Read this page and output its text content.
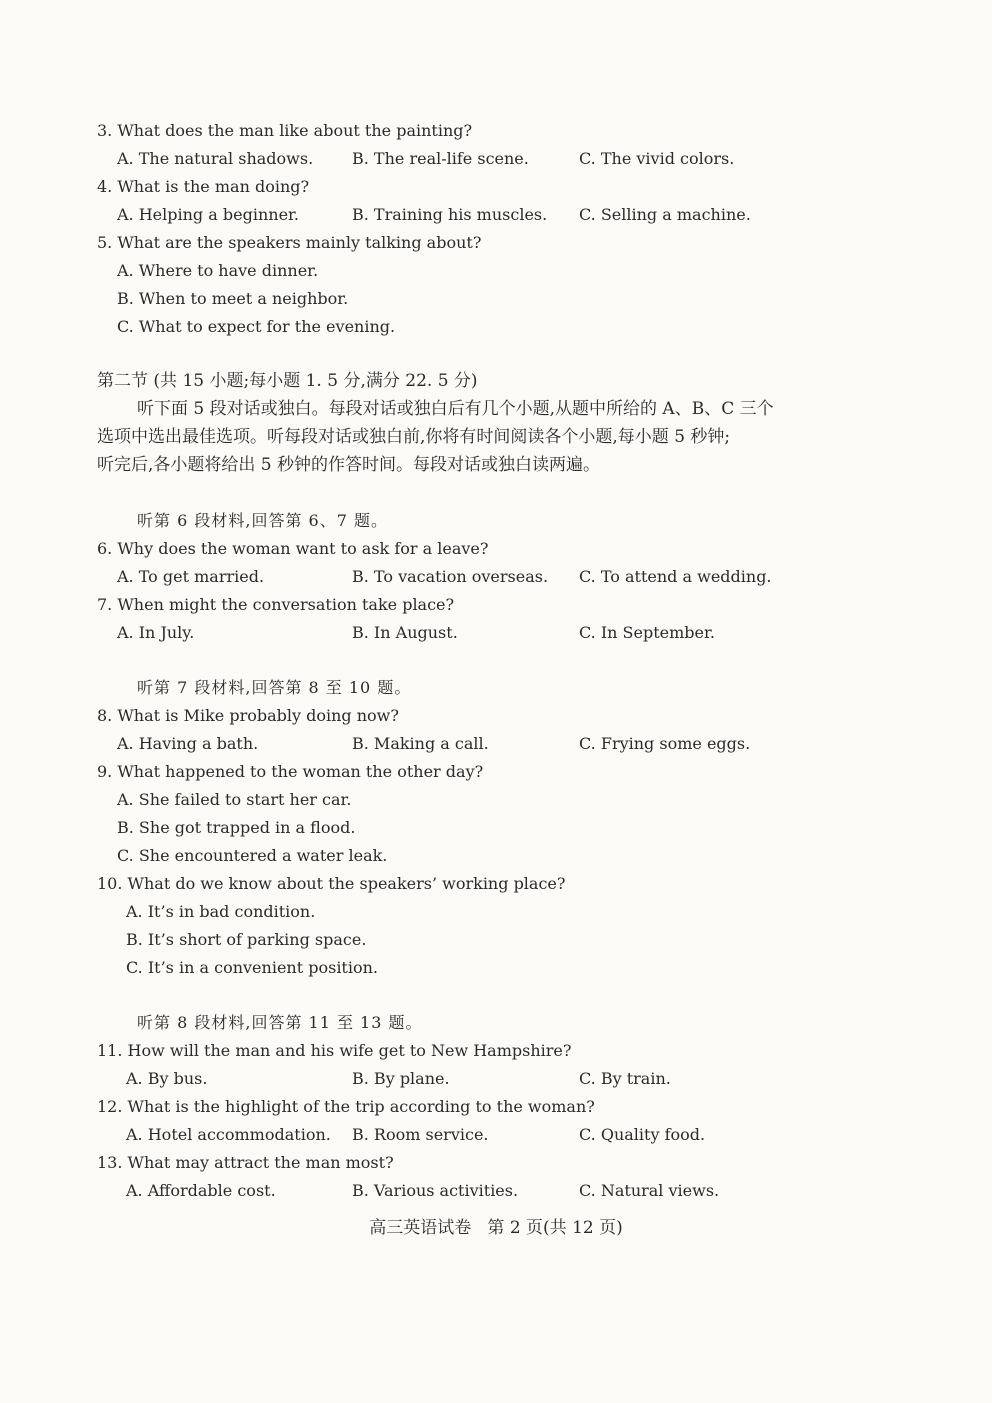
3. What does the man like about the painting?
A. The natural shadows. B. The real-life scene.	C. The vivid colors.
4. What is the man doing?
A. Helping a beginner.	B. Training his muscles. C. Selling a machine.
5. What are the speakers mainly talking about?
A. Where to have dinner.
B. When to meet a neighbor.
C. What to expect for the evening.
第二节 (共 15 小题;每小题 1. 5 分,满分 22. 5 分)
听下面 5 段对话或独白。每段对话或独白后有几个小题,从题中所给的 A、B、C 三个
选项中选出最佳选项。听每段对话或独白前,你将有时间阅读各个小题,每小题 5 秒钟;
听完后,各小题将给出 5 秒钟的作答时间。每段对话或独白读两遍。
听第 6 段材料,回答第 6、7 题。
6. Why does the woman want to ask for a leave?
A. To get married.	B. To vacation overseas. C. To attend a wedding.
7. When might the conversation take place?
A. In July.	B. In August.	C. In September.
听第 7 段材料,回答第 8 至 10 题。
8. What is Mike probably doing now?
A. Having a bath.	B. Making a call.	C. Frying some eggs.
9. What happened to the woman the other day?
A. She failed to start her car.
B. She got trapped in a flood.
C. She encountered a water leak.
10. What do we know about the speakers’ working place?
A. It’s in bad condition.
B. It’s short of parking space.
C. It’s in a convenient position.
听第 8 段材料,回答第 11 至 13 题。
11. How will the man and his wife get to New Hampshire?
A. By bus.	B. By plane.	C. By train.
12. What is the highlight of the trip according to the woman?
A. Hotel accommodation. B. Room service.	C. Quality food.
13. What may attract the man most?
A. Affordable cost.	B. Various activities.	C. Natural views.
高三英语试卷   第 2 页(共 12 页)
